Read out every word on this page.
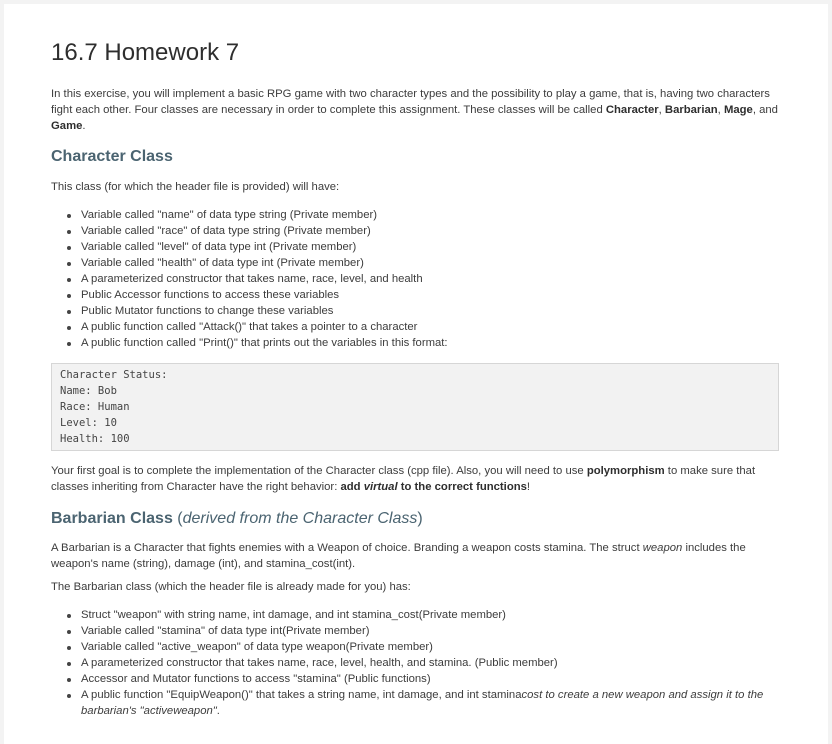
16.7 Homework 7

In this exercise, you will implement a basic RPG game with two character types and the possibility to play a game, that is, having two characters fight each other. Four classes are necessary in order to complete this assignment. These classes will be called Character, Barbarian, Mage, and Game.

Character Class

This class (for which the header file is provided) will have:

Variable called "name" of data type string (Private member)
Variable called "race" of data type string (Private member)
Variable called "level" of data type int (Private member)
Variable called "health" of data type int (Private member)
A parameterized constructor that takes name, race, level, and health
Public Accessor functions to access these variables
Public Mutator functions to change these variables
A public function called "Attack()" that takes a pointer to a character
A public function called "Print()" that prints out the variables in this format:
Character Status:
Name: Bob
Race: Human
Level: 10
Health: 100

Your first goal is to complete the implementation of the Character class (cpp file). Also, you will need to use polymorphism to make sure that classes inheriting from Character have the right behavior: add virtual to the correct functions!

Barbarian Class (derived from the Character Class)

A Barbarian is a Character that fights enemies with a Weapon of choice. Branding a weapon costs stamina. The struct weapon includes the weapon's name (string), damage (int), and stamina_cost(int).

The Barbarian class (which the header file is already made for you) has:

Struct "weapon" with string name, int damage, and int stamina_cost(Private member)
Variable called "stamina" of data type int(Private member)
Variable called "active_weapon" of data type weapon(Private member)
A parameterized constructor that takes name, race, level, health, and stamina. (Public member)
Accessor and Mutator functions to access "stamina" (Public functions)
A public function "EquipWeapon()" that takes a string name, int damage, and int staminacost to create a new weapon and assign it to the barbarian's "activeweapon".
